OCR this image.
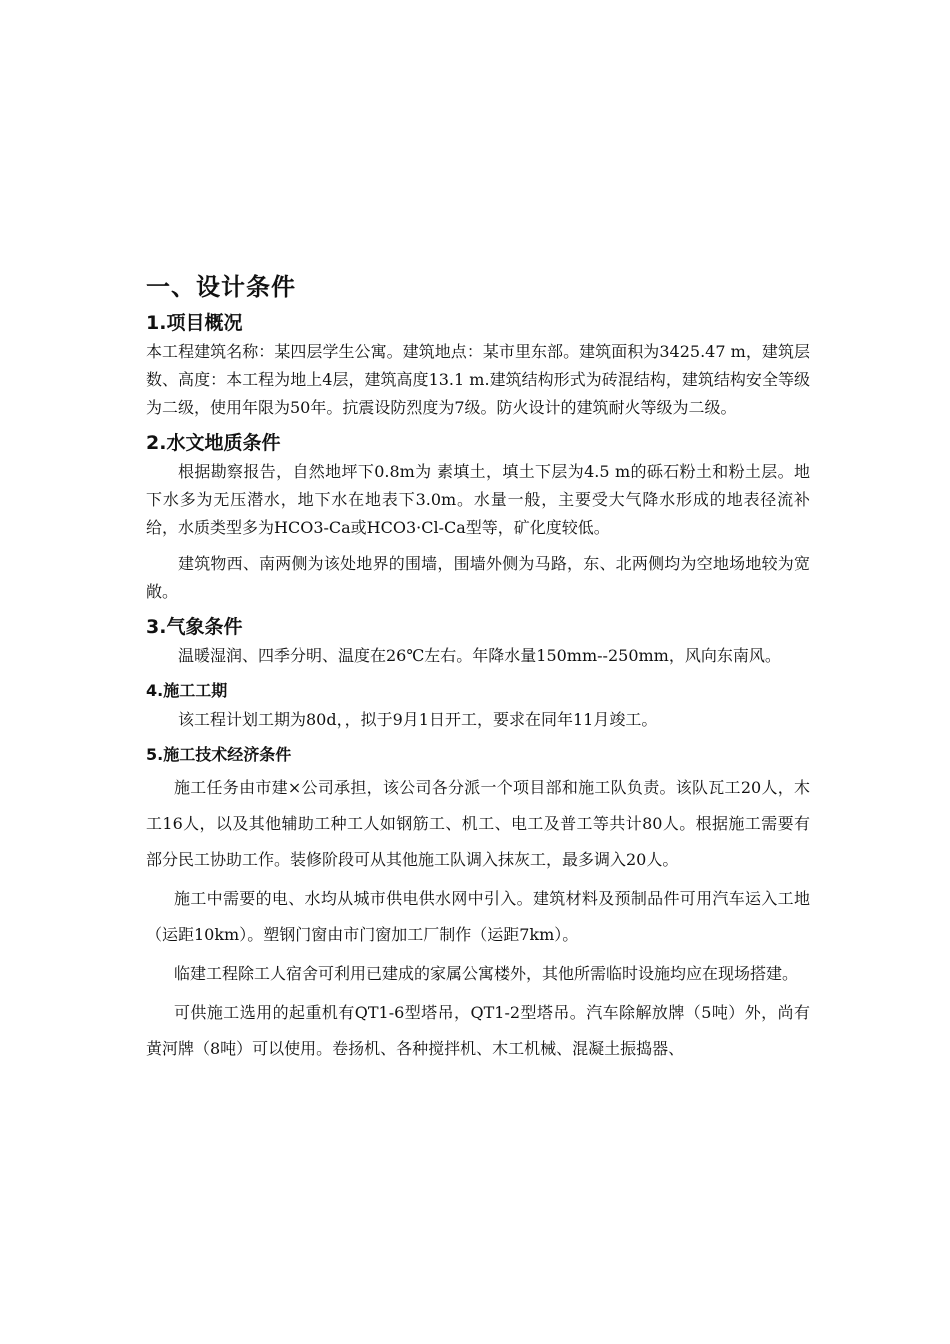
一、设计条件
1.项目概况

本工程建筑名称：某四层学生公寓。建筑地点：某市里东部。建筑面积为3425.47 m，建筑层数、高度：本工程为地上4层，建筑高度13.1 m.建筑结构形式为砖混结构，建筑结构安全等级为二级，使用年限为50年。抗震设防烈度为7级。防火设计的建筑耐火等级为二级。

2.水文地质条件

根据勘察报告，自然地坪下0.8m为 素填土，填土下层为4.5 m的砾石粉土和粉土层。地下水多为无压潜水，地下水在地表下3.0m。水量一般，主要受大气降水形成的地表径流补给，水质类型多为HCO3-Ca或HCO3·Cl-Ca型等，矿化度较低。

建筑物西、南两侧为该处地界的围墙，围墙外侧为马路，东、北两侧均为空地场地较为宽敞。

3.气象条件

温暖湿润、四季分明、温度在26℃左右。年降水量150mm--250mm，风向东南风。

4.施工工期

该工程计划工期为80d，，拟于9月1日开工，要求在同年11月竣工。

5.施工技术经济条件

施工任务由市建×公司承担，该公司各分派一个项目部和施工队负责。该队瓦工20人，木工16人，以及其他辅助工种工人如钢筋工、机工、电工及普工等共计80人。根据施工需要有部分民工协助工作。装修阶段可从其他施工队调入抹灰工，最多调入20人。

施工中需要的电、水均从城市供电供水网中引入。建筑材料及预制品件可用汽车运入工地（运距10km）。塑钢门窗由市门窗加工厂制作（运距7km）。

临建工程除工人宿舍可利用已建成的家属公寓楼外，其他所需临时设施均应在现场搭建。

可供施工选用的起重机有QT1-6型塔吊，QT1-2型塔吊。汽车除解放牌（5吨）外，尚有黄河牌（8吨）可以使用。卷扬机、各种搅拌机、木工机械、混凝土振捣器、
